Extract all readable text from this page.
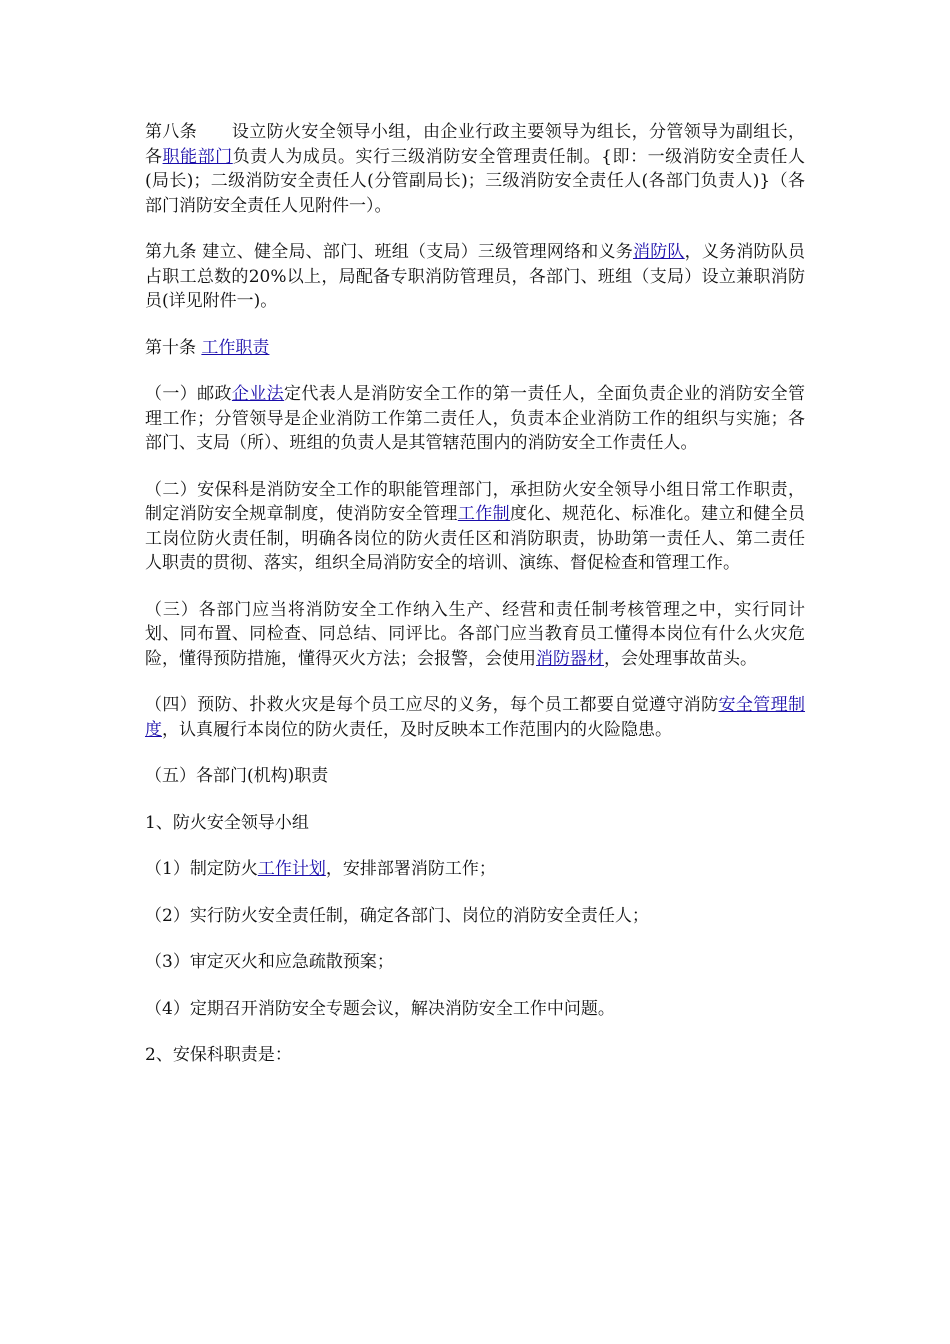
第八条　　设立防火安全领导小组，由企业行政主要领导为组长，分管领导为副组长，各职能部门负责人为成员。实行三级消防安全管理责任制。{即：一级消防安全责任人(局长)；二级消防安全责任人(分管副局长)；三级消防安全责任人(各部门负责人)}（各部门消防安全责任人见附件一）。

第九条 建立、健全局、部门、班组（支局）三级管理网络和义务消防队，义务消防队员占职工总数的20%以上，局配备专职消防管理员，各部门、班组（支局）设立兼职消防员(详见附件一)。

第十条 工作职责

（一）邮政企业法定代表人是消防安全工作的第一责任人，全面负责企业的消防安全管理工作；分管领导是企业消防工作第二责任人，负责本企业消防工作的组织与实施；各部门、支局（所）、班组的负责人是其管辖范围内的消防安全工作责任人。

（二）安保科是消防安全工作的职能管理部门，承担防火安全领导小组日常工作职责，制定消防安全规章制度，使消防安全管理工作制度化、规范化、标准化。建立和健全员工岗位防火责任制，明确各岗位的防火责任区和消防职责，协助第一责任人、第二责任人职责的贯彻、落实，组织全局消防安全的培训、演练、督促检查和管理工作。

（三）各部门应当将消防安全工作纳入生产、经营和责任制考核管理之中，实行同计划、同布置、同检查、同总结、同评比。各部门应当教育员工懂得本岗位有什么火灾危险，懂得预防措施，懂得灭火方法；会报警，会使用消防器材，会处理事故苗头。

（四）预防、扑救火灾是每个员工应尽的义务，每个员工都要自觉遵守消防安全管理制度，认真履行本岗位的防火责任，及时反映本工作范围内的火险隐患。

（五）各部门(机构)职责

1、防火安全领导小组

（1）制定防火工作计划，安排部署消防工作；

（2）实行防火安全责任制，确定各部门、岗位的消防安全责任人；

（3）审定灭火和应急疏散预案；

（4）定期召开消防安全专题会议，解决消防安全工作中问题。

2、安保科职责是：
